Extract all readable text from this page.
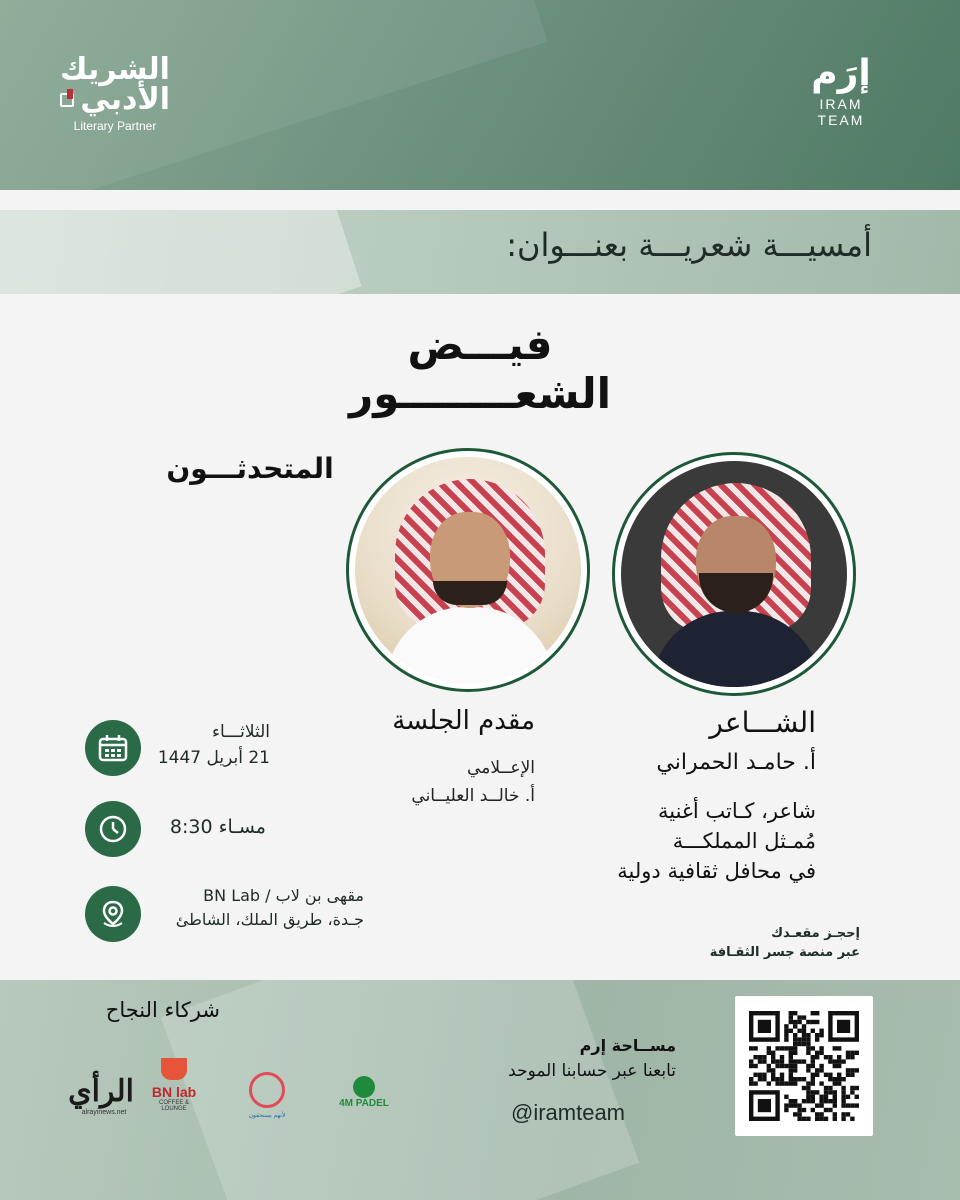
الشريك
الأدبي
Literary Partner
إرَم
IRAM
TEAM
أمسيـــة شعريـــة بعنـــوان:
فيـــض الشعــــــــور
المتحدثـــون
مقدم الجلسة
الإعــلامي
أ. خالــد العليــاني
الشـــاعر
أ. حامـد الحمراني
شاعر، كـاتب أغنية
مُمـثل المملكـــة
في محافل ثقافية دولية
الثلاثـــاء
21 أبريل 1447
مسـاء 8:30
مقهى بن لاب / BN Lab
جـدة، طريق الملك، الشاطئ
إحجـز مقعـدك
عبر منصة جسر الثقـافة
شركاء النجاح
الرأي
alrayinews.net
BN lab
COFFEE & LOUNGE
لأنهم يستحقون
4M PADEL
مســاحة إرم
تابعنا عبر حسابنا الموحد
@iramteam
